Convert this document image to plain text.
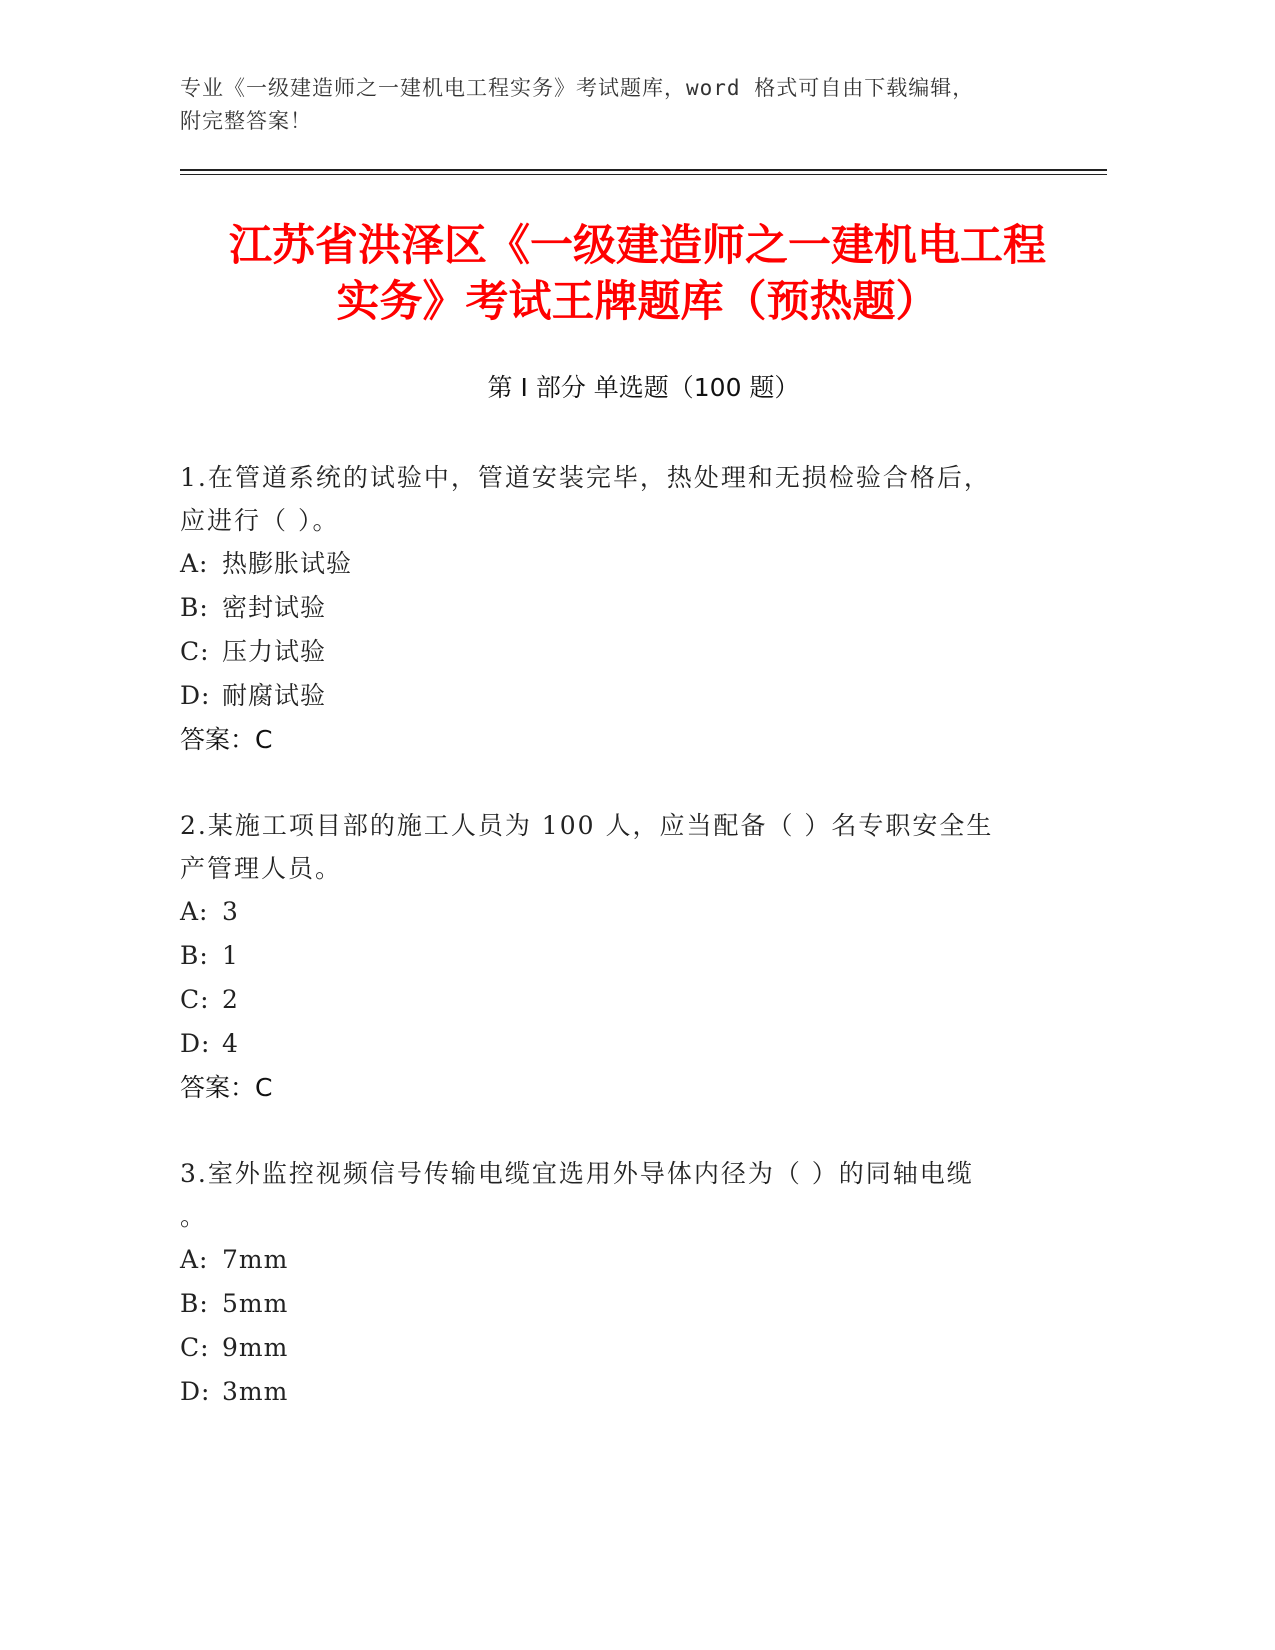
专业《一级建造师之一建机电工程实务》考试题库，word 格式可自由下载编辑，
附完整答案！
江苏省洪泽区《一级建造师之一建机电工程
实务》考试王牌题库（预热题）
第 I 部分 单选题（100 题）

1.在管道系统的试验中，管道安装完毕，热处理和无损检验合格后，

应进行（ ）。

A: 热膨胀试验

B: 密封试验

C: 压力试验

D: 耐腐试验

答案：C

2.某施工项目部的施工人员为 100 人，应当配备（ ）名专职安全生

产管理人员。

A: 3

B: 1

C: 2

D: 4

答案：C

3.室外监控视频信号传输电缆宜选用外导体内径为（ ）的同轴电缆

。

A: 7mm

B: 5mm

C: 9mm

D: 3mm
